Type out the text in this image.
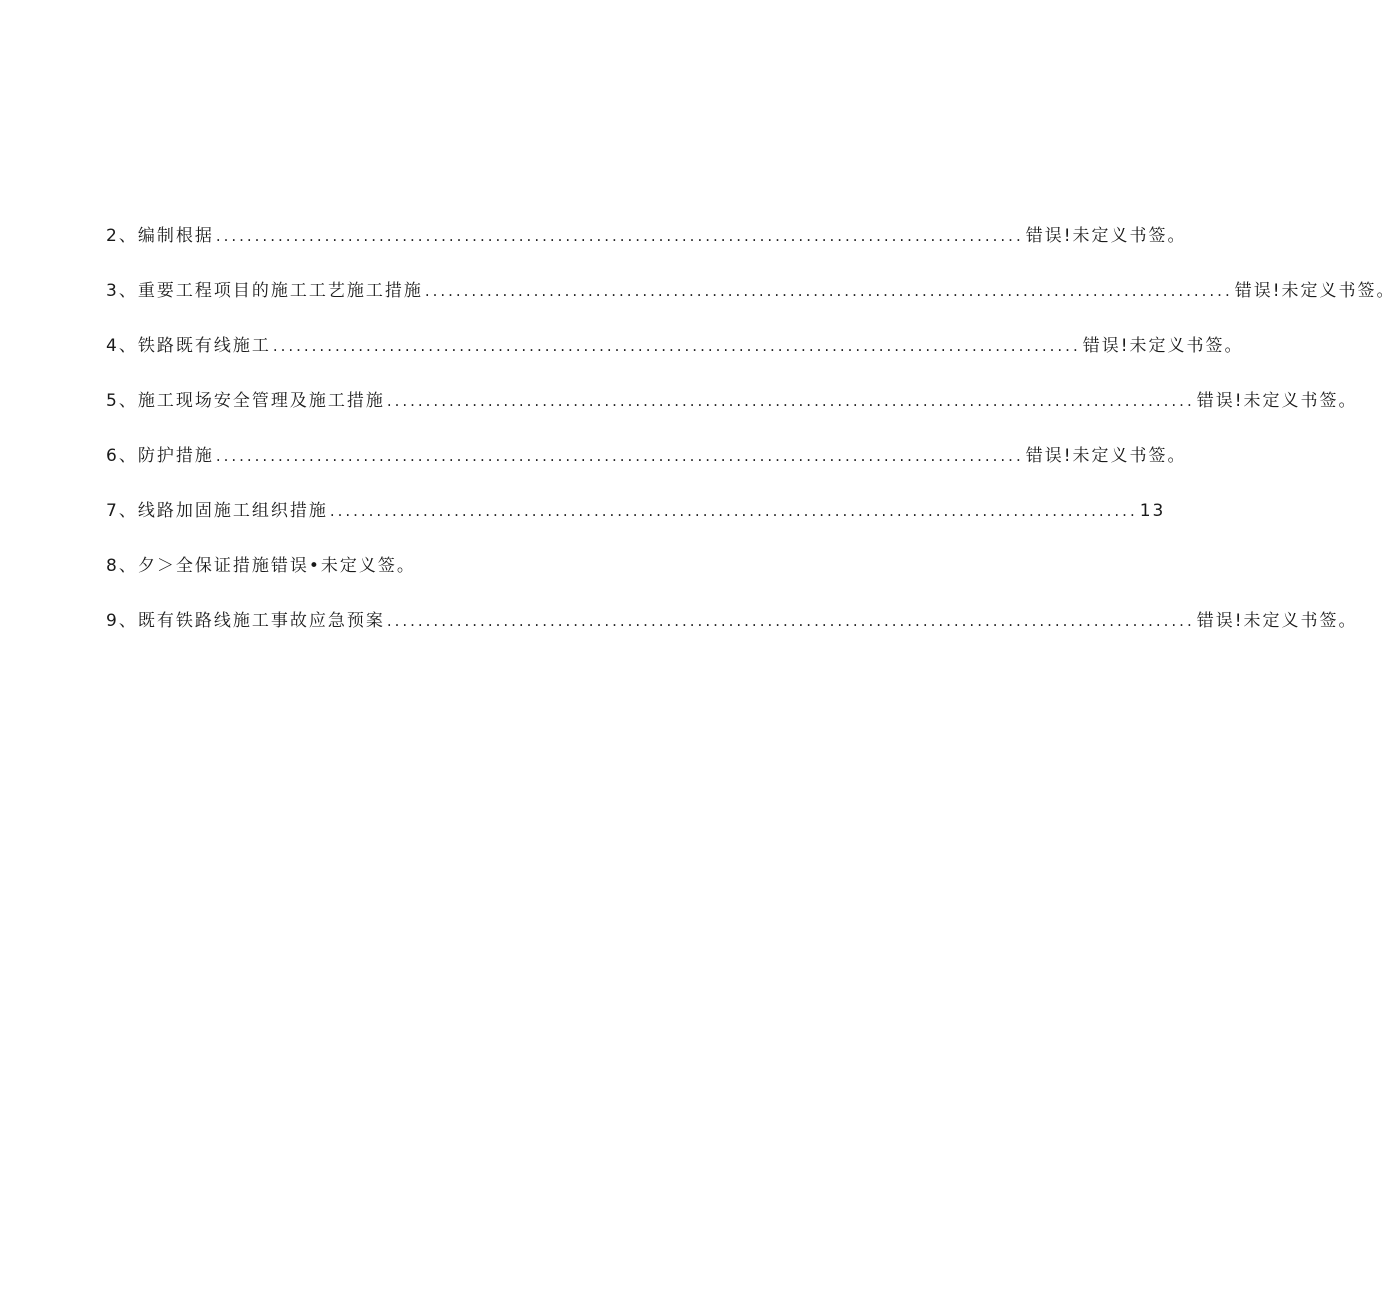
2、编制根据 ........................................................................................................ 错误!未定义书签。
3、重要工程项目的施工工艺施工措施 ........................................................................................................ 错误!未定义书签。
4、铁路既有线施工 ........................................................................................................ 错误!未定义书签。
5、施工现场安全管理及施工措施 ........................................................................................................ 错误!未定义书签。
6、防护措施 ........................................................................................................ 错误!未定义书签。
7、线路加固施工组织措施 ........................................................................................................ 13
8、夕＞全保证措施错误•未定义签。
9、既有铁路线施工事故应急预案 ........................................................................................................ 错误!未定义书签。
